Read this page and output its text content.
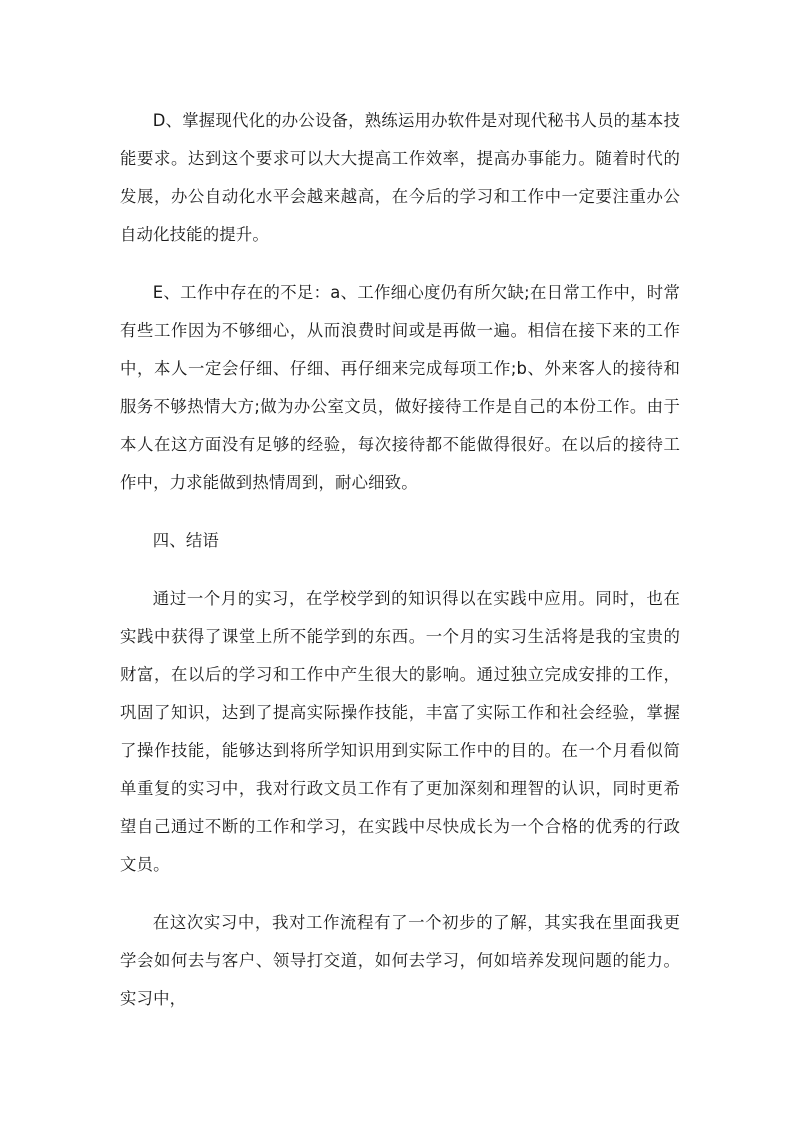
D、掌握现代化的办公设备，熟练运用办软件是对现代秘书人员的基本技能要求。达到这个要求可以大大提高工作效率，提高办事能力。随着时代的发展，办公自动化水平会越来越高，在今后的学习和工作中一定要注重办公自动化技能的提升。

E、工作中存在的不足：a、工作细心度仍有所欠缺;在日常工作中，时常有些工作因为不够细心，从而浪费时间或是再做一遍。相信在接下来的工作中，本人一定会仔细、仔细、再仔细来完成每项工作;b、外来客人的接待和服务不够热情大方;做为办公室文员，做好接待工作是自己的本份工作。由于本人在这方面没有足够的经验，每次接待都不能做得很好。在以后的接待工作中，力求能做到热情周到，耐心细致。

四、结语

通过一个月的实习，在学校学到的知识得以在实践中应用。同时，也在实践中获得了课堂上所不能学到的东西。一个月的实习生活将是我的宝贵的财富，在以后的学习和工作中产生很大的影响。通过独立完成安排的工作，巩固了知识，达到了提高实际操作技能，丰富了实际工作和社会经验，掌握了操作技能，能够达到将所学知识用到实际工作中的目的。在一个月看似简单重复的实习中，我对行政文员工作有了更加深刻和理智的认识，同时更希望自己通过不断的工作和学习，在实践中尽快成长为一个合格的优秀的行政文员。

在这次实习中，我对工作流程有了一个初步的了解，其实我在里面我更学会如何去与客户、领导打交道，如何去学习，何如培养发现问题的能力。实习中，
